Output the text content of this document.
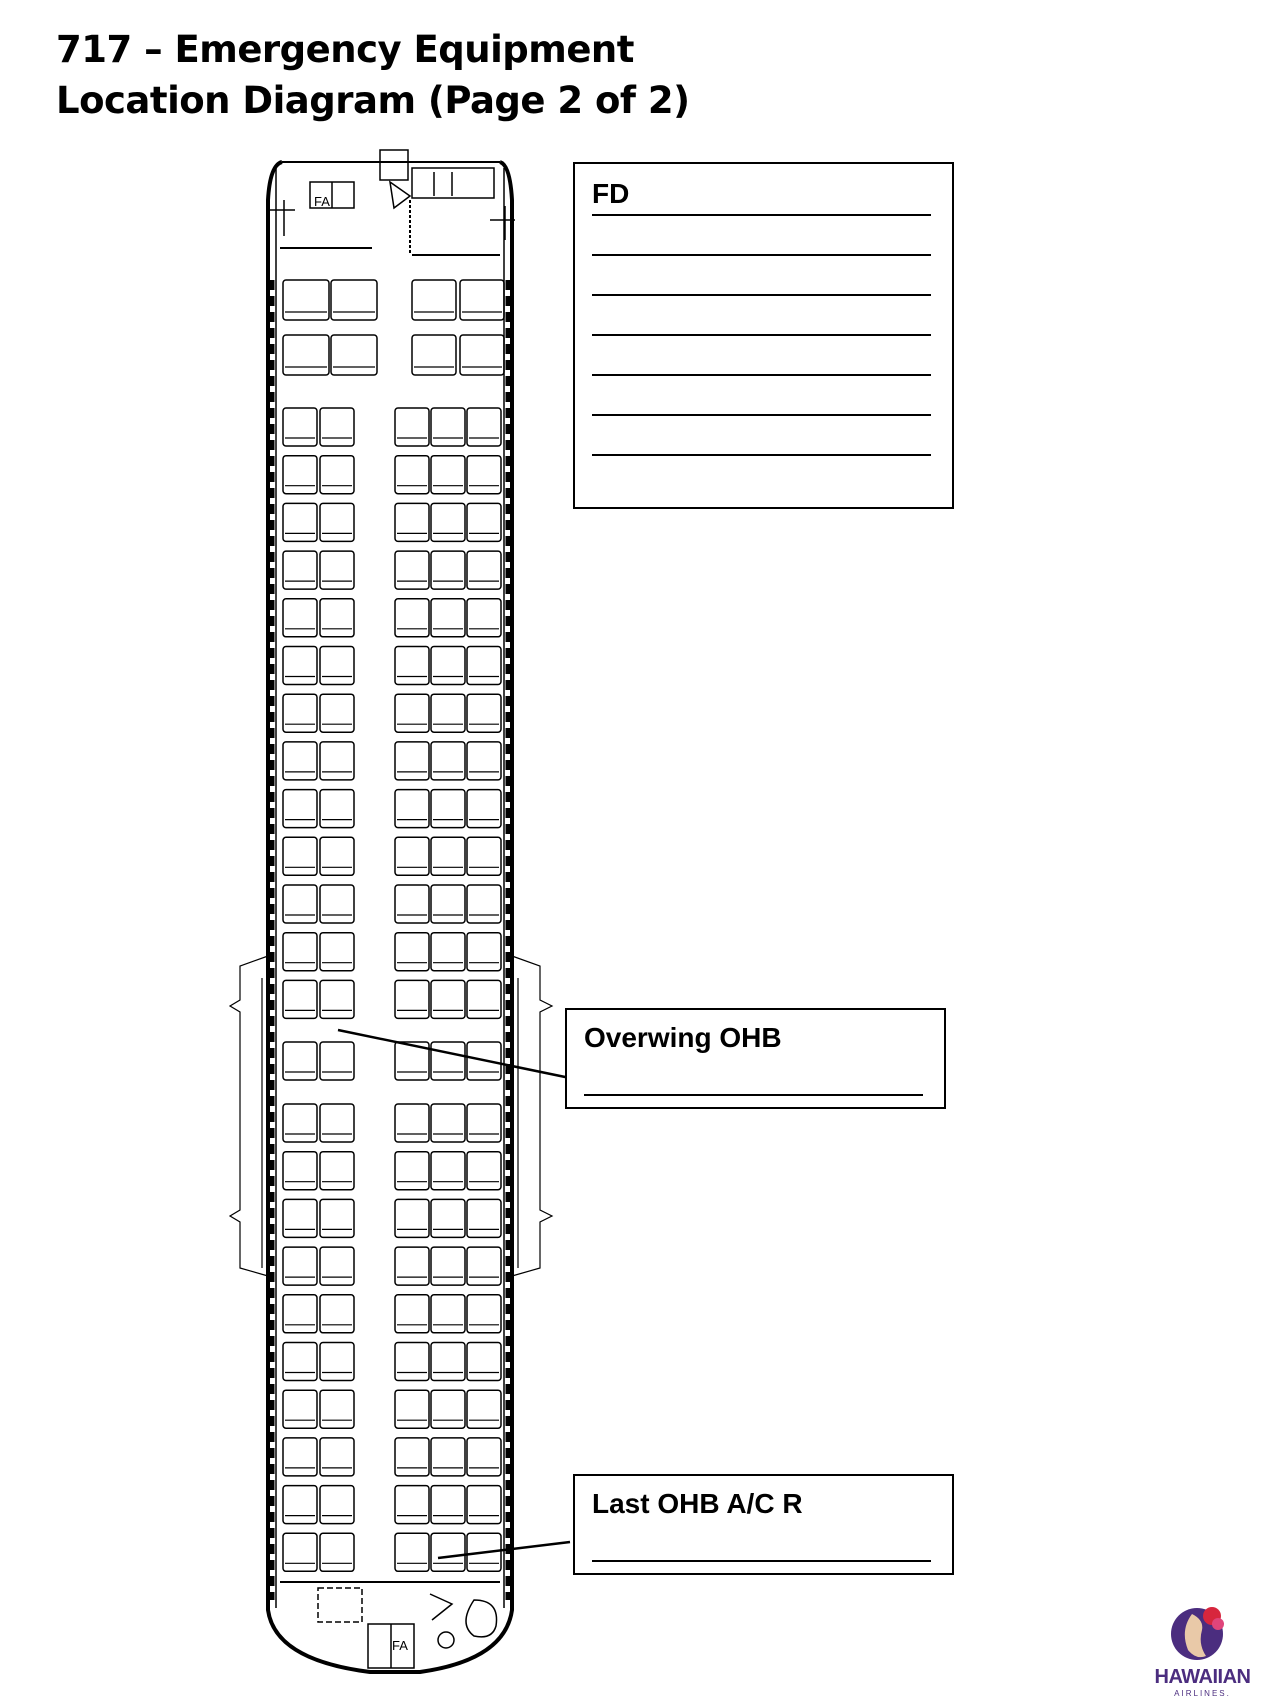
717 – Emergency Equipment
Location Diagram (Page 2 of 2)
FA
FA
FD
Overwing OHB
Last OHB A/C R
HAWAIIAN
AIRLINES.
